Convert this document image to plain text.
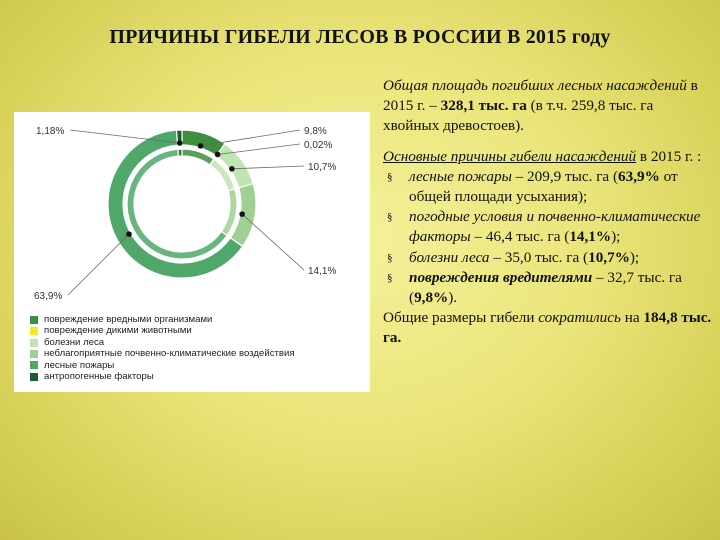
ПРИЧИНЫ ГИБЕЛИ ЛЕСОВ В РОССИИ В 2015 году
9,8%
0,02%
10,7%
14,1%
63,9%
1,18%
повреждение вредными организмами
повреждение дикими животными
болезни леса
неблагоприятные почвенно-климатические воздействия
лесные пожары
антропогенные факторы

Общая площадь погибших лесных насаждений в 2015 г. – 328,1 тыс. га (в т.ч. 259,8 тыс. га хвойных древостоев).

Основные причины гибели насаждений в 2015 г. :

§ лесные пожары – 209,9 тыс. га (63,9% от общей площади усыхания);
§ погодные условия и почвенно-климатические факторы – 46,4 тыс. га (14,1%);
§ болезни леса – 35,0 тыс. га (10,7%);
§ повреждения вредителями – 32,7 тыс. га (9,8%).

Общие размеры гибели сократились на 184,8 тыс. га.
